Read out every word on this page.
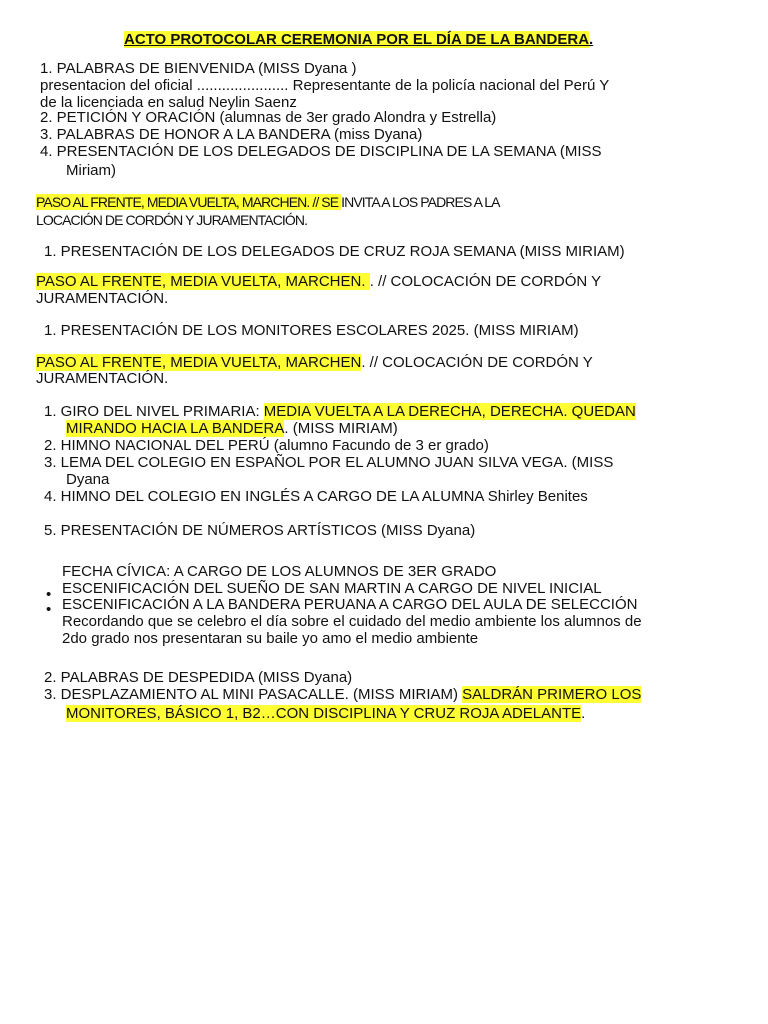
ACTO PROTOCOLAR CEREMONIA POR EL DÍA DE LA BANDERA.
1. PALABRAS DE BIENVENIDA (MISS Dyana )
presentacion del oficial ...................... Representante de la policía nacional del Perú Y
de la licenciada en salud Neylin Saenz
2. PETICIÓN Y ORACIÓN (alumnas de 3er grado Alondra y Estrella)
3. PALABRAS DE HONOR A LA BANDERA (miss Dyana)
4. PRESENTACIÓN DE LOS DELEGADOS DE DISCIPLINA DE LA SEMANA (MISS
Miriam)
PASO AL FRENTE, MEDIA VUELTA, MARCHEN. // SE INVITA A LOS PADRES A LA
LOCACIÓN DE CORDÓN Y JURAMENTACIÓN.
1. PRESENTACIÓN DE LOS DELEGADOS DE CRUZ ROJA SEMANA (MISS MIRIAM)
PASO AL FRENTE, MEDIA VUELTA, MARCHEN. . // COLOCACIÓN DE CORDÓN Y
JURAMENTACIÓN.
1. PRESENTACIÓN DE LOS MONITORES ESCOLARES 2025. (MISS MIRIAM)
PASO AL FRENTE, MEDIA VUELTA, MARCHEN. // COLOCACIÓN DE CORDÓN Y
JURAMENTACIÓN.
1. GIRO DEL NIVEL PRIMARIA: MEDIA VUELTA A LA DERECHA, DERECHA. QUEDAN
MIRANDO HACIA LA BANDERA. (MISS MIRIAM)
2. HIMNO NACIONAL DEL PERÚ (alumno Facundo de 3 er grado)
3. LEMA DEL COLEGIO EN ESPAÑOL POR EL ALUMNO JUAN SILVA VEGA. (MISS
Dyana
4. HIMNO DEL COLEGIO EN INGLÉS A CARGO DE LA ALUMNA Shirley Benites
5. PRESENTACIÓN DE NÚMEROS ARTÍSTICOS (MISS Dyana)
FECHA CÍVICA: A CARGO DE LOS ALUMNOS DE 3ER GRADO
• ESCENIFICACIÓN DEL SUEÑO DE SAN MARTIN A CARGO DE NIVEL INICIAL
• ESCENIFICACIÓN A LA BANDERA PERUANA A CARGO DEL AULA DE SELECCIÓN
Recordando que se celebro el día sobre el cuidado del medio ambiente los alumnos de
2do grado nos presentaran su baile yo amo el medio ambiente
2. PALABRAS DE DESPEDIDA (MISS Dyana)
3. DESPLAZAMIENTO AL MINI PASACALLE. (MISS MIRIAM) SALDRÁN PRIMERO LOS
MONITORES, BÁSICO 1, B2…CON DISCIPLINA Y CRUZ ROJA ADELANTE.
